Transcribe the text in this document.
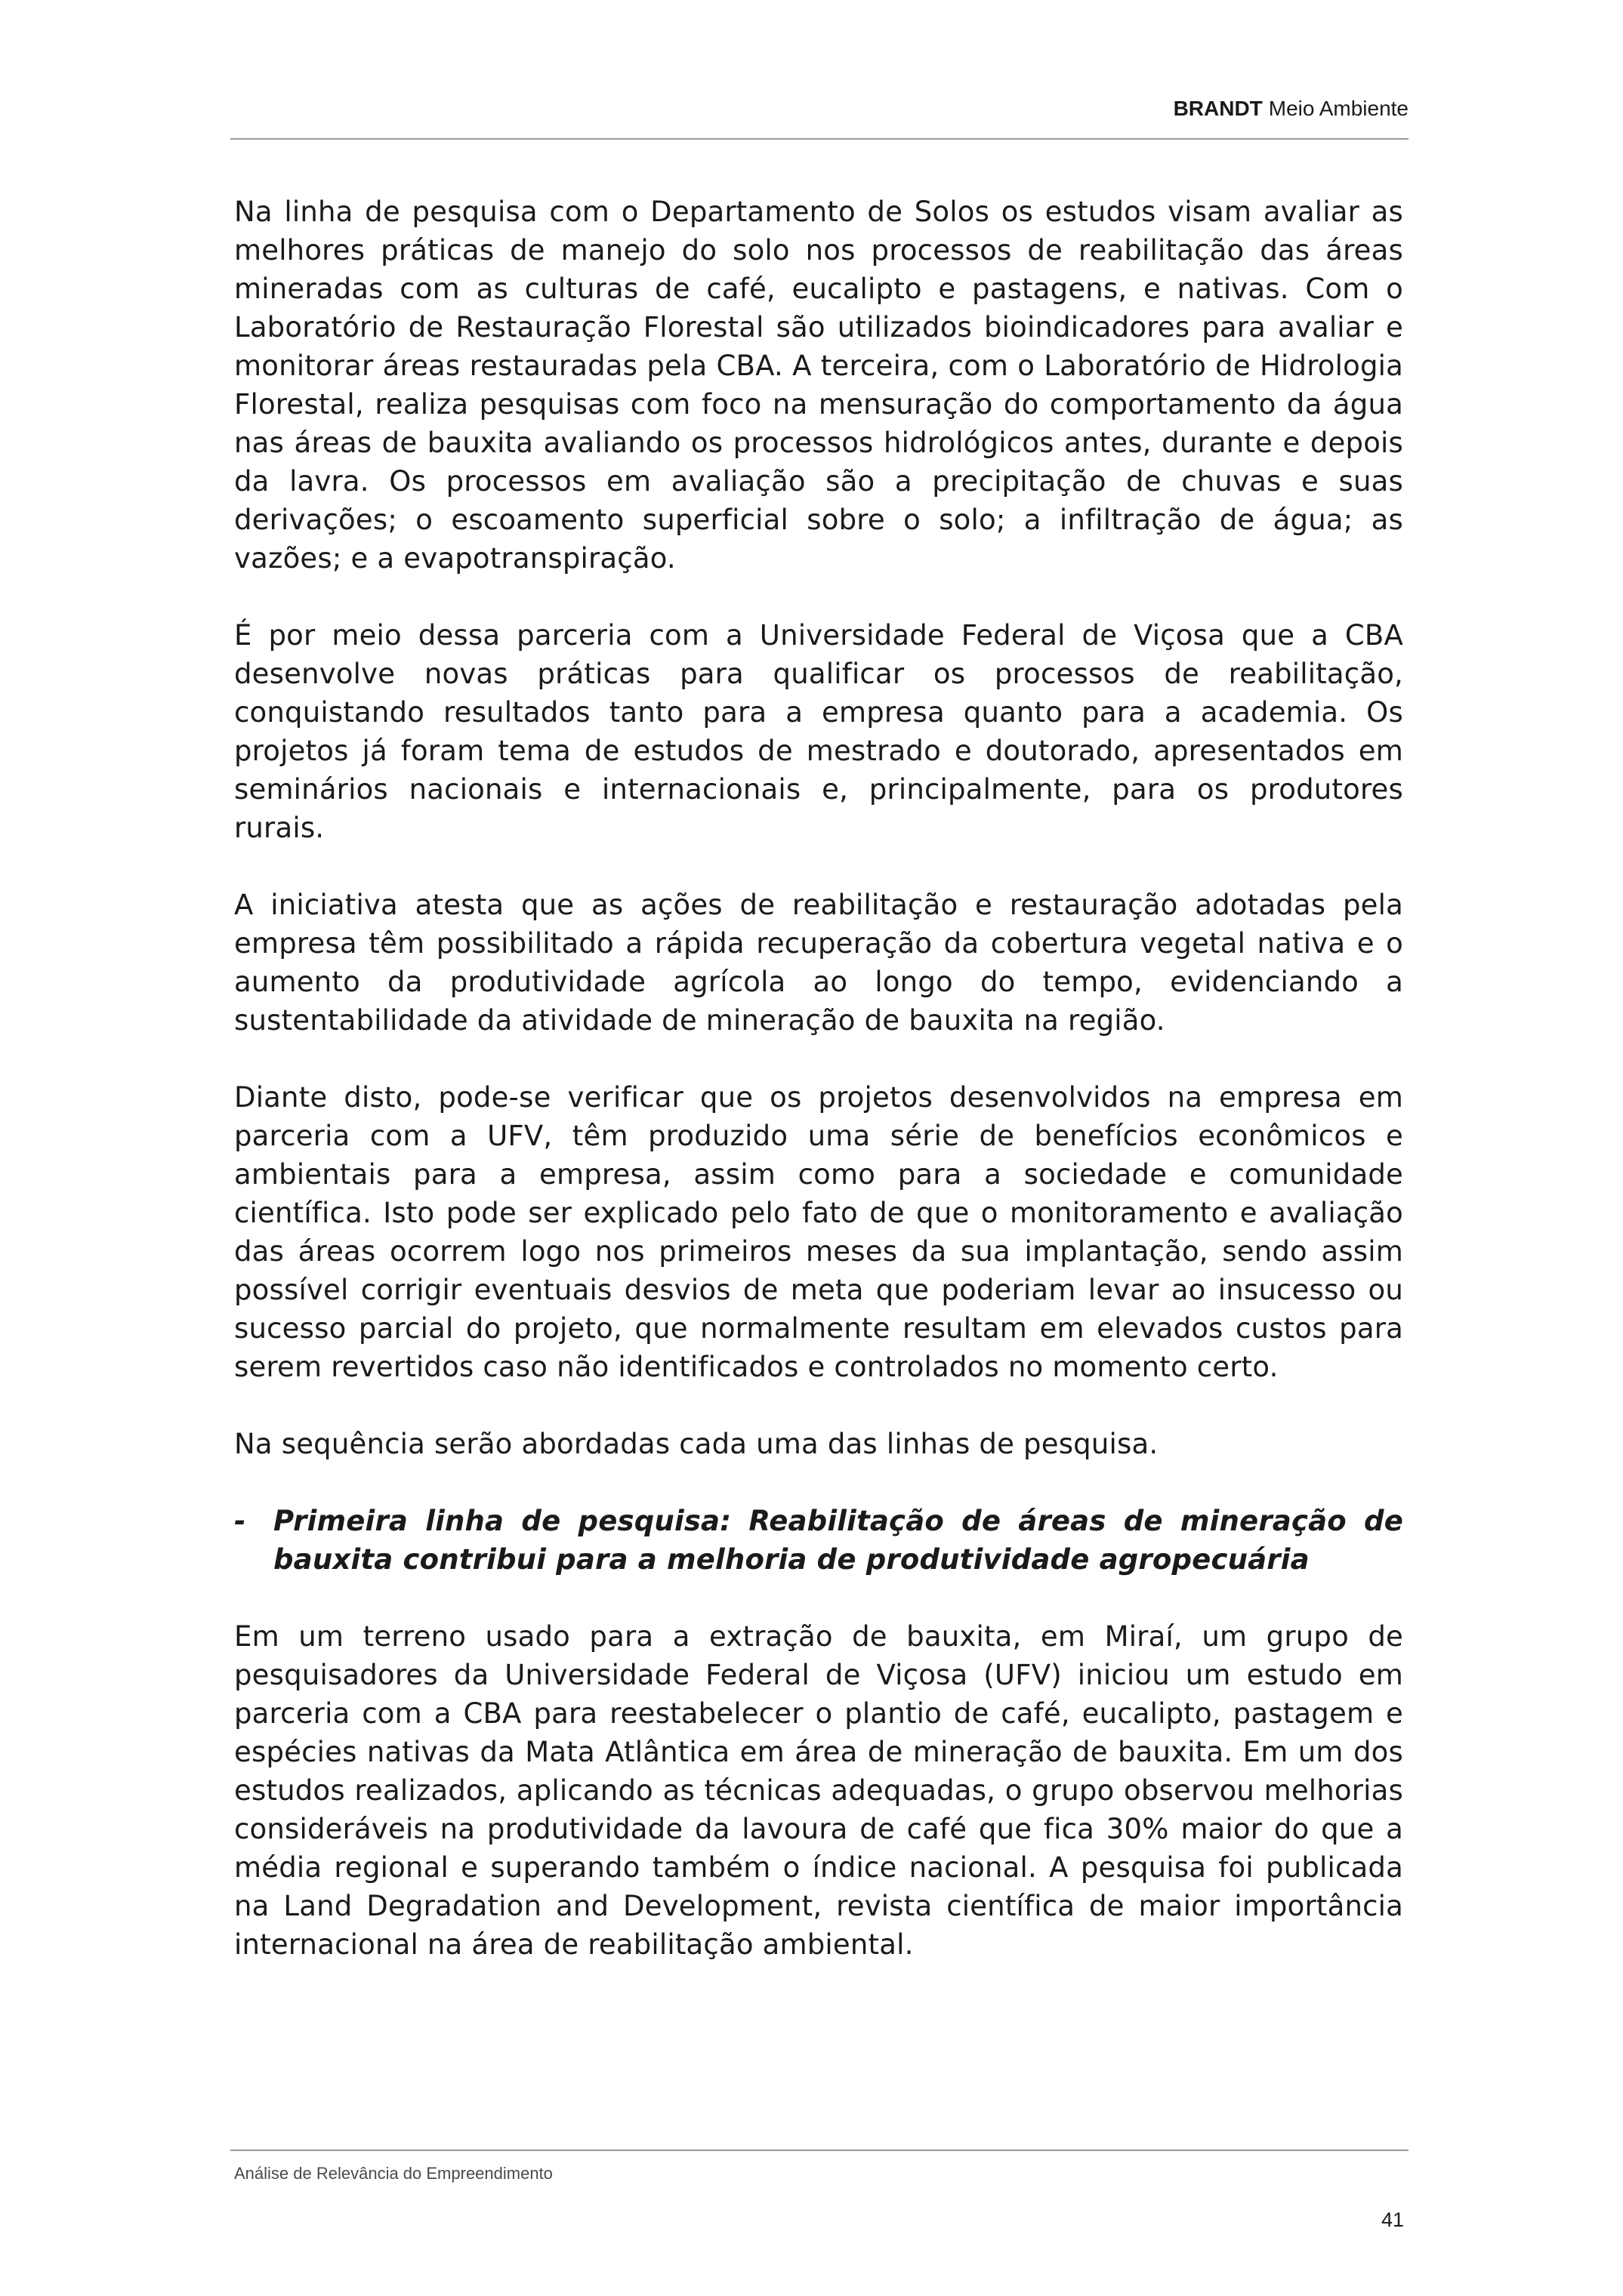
BRANDT Meio Ambiente

Na linha de pesquisa com o Departamento de Solos os estudos visam avaliar as melhores práticas de manejo do solo nos processos de reabilitação das áreas mineradas com as culturas de café, eucalipto e pastagens, e nativas. Com o Laboratório de Restauração Florestal são utilizados bioindicadores para avaliar e monitorar áreas restauradas pela CBA. A terceira, com o Laboratório de Hidrologia Florestal, realiza pesquisas com foco na mensuração do comportamento da água nas áreas de bauxita avaliando os processos hidrológicos antes, durante e depois da lavra. Os processos em avaliação são a precipitação de chuvas e suas derivações; o escoamento superficial sobre o solo; a infiltração de água; as vazões; e a evapotranspiração.

É por meio dessa parceria com a Universidade Federal de Viçosa que a CBA desenvolve novas práticas para qualificar os processos de reabilitação, conquistando resultados tanto para a empresa quanto para a academia. Os projetos já foram tema de estudos de mestrado e doutorado, apresentados em seminários nacionais e internacionais e, principalmente, para os produtores rurais.

A iniciativa atesta que as ações de reabilitação e restauração adotadas pela empresa têm possibilitado a rápida recuperação da cobertura vegetal nativa e o aumento da produtividade agrícola ao longo do tempo, evidenciando a sustentabilidade da atividade de mineração de bauxita na região.

Diante disto, pode-se verificar que os projetos desenvolvidos na empresa em parceria com a UFV, têm produzido uma série de benefícios econômicos e ambientais para a empresa, assim como para a sociedade e comunidade científica. Isto pode ser explicado pelo fato de que o monitoramento e avaliação das áreas ocorrem logo nos primeiros meses da sua implantação, sendo assim possível corrigir eventuais desvios de meta que poderiam levar ao insucesso ou sucesso parcial do projeto, que normalmente resultam em elevados custos para serem revertidos caso não identificados e controlados no momento certo.

Na sequência serão abordadas cada uma das linhas de pesquisa.

- Primeira linha de pesquisa: Reabilitação de áreas de mineração de bauxita contribui para a melhoria de produtividade agropecuária

Em um terreno usado para a extração de bauxita, em Miraí, um grupo de pesquisadores da Universidade Federal de Viçosa (UFV) iniciou um estudo em parceria com a CBA para reestabelecer o plantio de café, eucalipto, pastagem e espécies nativas da Mata Atlântica em área de mineração de bauxita. Em um dos estudos realizados, aplicando as técnicas adequadas, o grupo observou melhorias consideráveis na produtividade da lavoura de café que fica 30% maior do que a média regional e superando também o índice nacional. A pesquisa foi publicada na Land Degradation and Development, revista científica de maior importância internacional na área de reabilitação ambiental.

Análise de Relevância do Empreendimento
41
